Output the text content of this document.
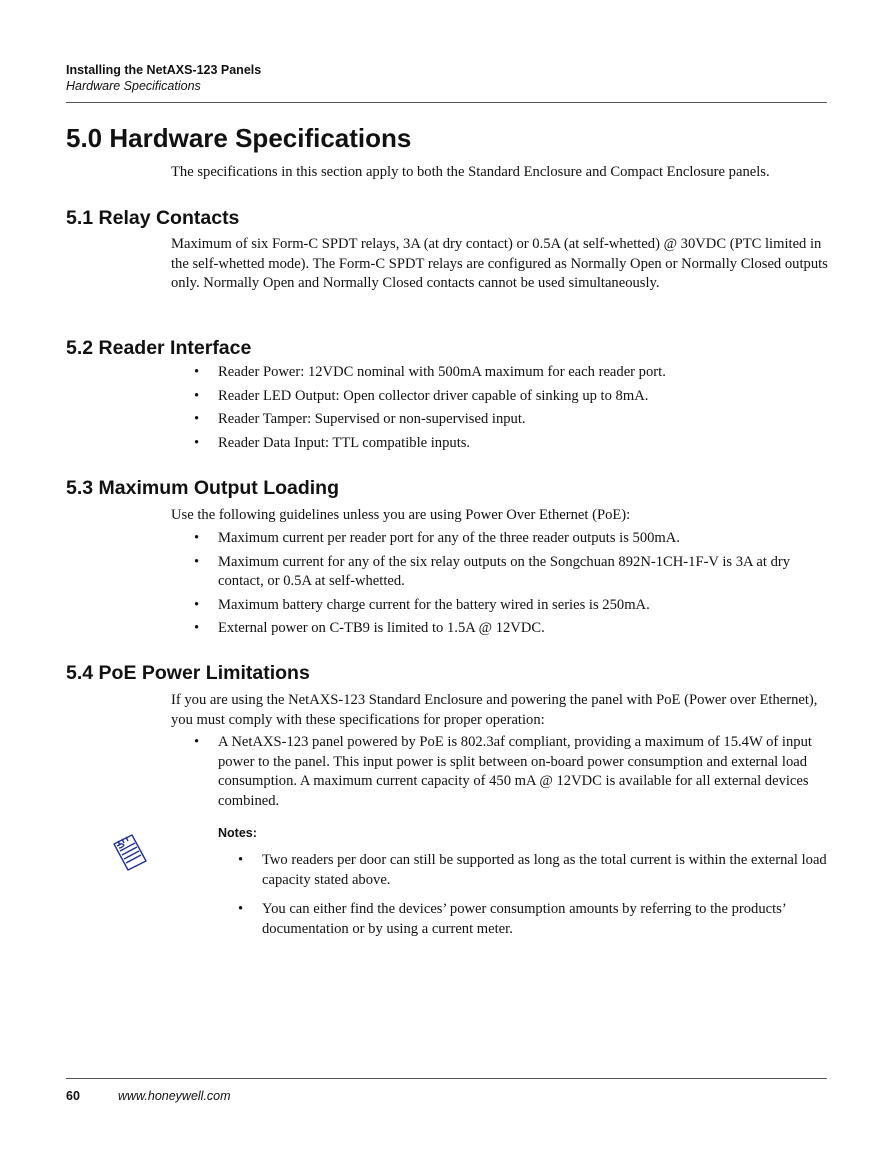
Installing the NetAXS-123 Panels
Hardware Specifications
5.0 Hardware Specifications

The specifications in this section apply to both the Standard Enclosure and Compact Enclosure panels.

5.1 Relay Contacts

Maximum of six Form-C SPDT relays, 3A (at dry contact) or 0.5A (at self-whetted) @ 30VDC (PTC limited in the self-whetted mode). The Form-C SPDT relays are configured as Normally Open or Normally Closed outputs only. Normally Open and Normally Closed contacts cannot be used simultaneously.

5.2 Reader Interface
• Reader Power: 12VDC nominal with 500mA maximum for each reader port.
• Reader LED Output: Open collector driver capable of sinking up to 8mA.
• Reader Tamper: Supervised or non-supervised input.
• Reader Data Input: TTL compatible inputs.
5.3 Maximum Output Loading

Use the following guidelines unless you are using Power Over Ethernet (PoE):

• Maximum current per reader port for any of the three reader outputs is 500mA.
• Maximum current for any of the six relay outputs on the Songchuan 892N-1CH-1F-V is 3A at dry contact, or 0.5A at self-whetted.
• Maximum battery charge current for the battery wired in series is 250mA.
• External power on C-TB9 is limited to 1.5A @ 12VDC.
5.4 PoE Power Limitations

If you are using the NetAXS-123 Standard Enclosure and powering the panel with PoE (Power over Ethernet), you must comply with these specifications for proper operation:

• A NetAXS-123 panel powered by PoE is 802.3af compliant, providing a maximum of 15.4W of input power to the panel. This input power is split between on-board power consumption and external load consumption. A maximum current capacity of 450 mA @ 12VDC is available for all external devices combined.
Notes:
• Two readers per door can still be supported as long as the total current is within the external load capacity stated above.
• You can either find the devices’ power consumption amounts by referring to the products’ documentation or by using a current meter.
60	www.honeywell.com
